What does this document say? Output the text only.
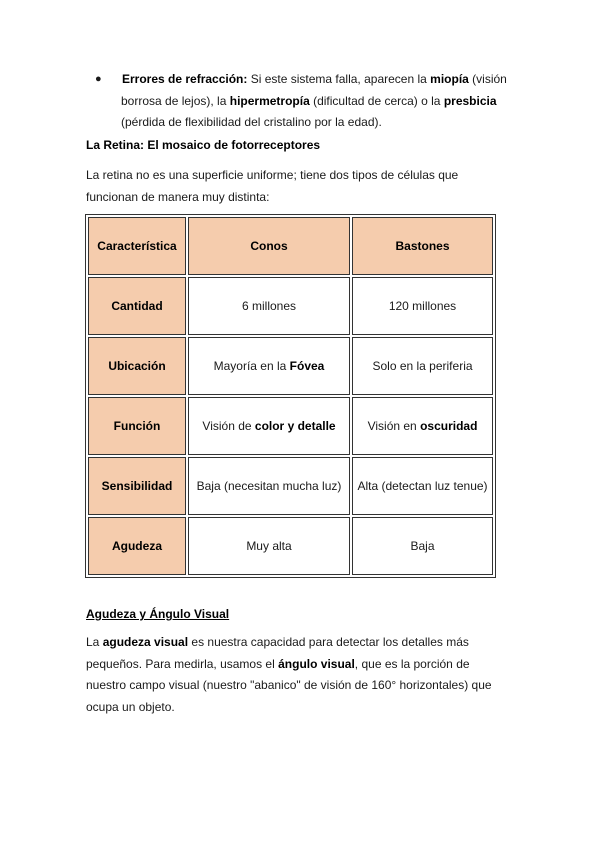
● Errores de refracción: Si este sistema falla, aparecen la miopía (visión
borrosa de lejos), la hipermetropía (dificultad de cerca) o la presbicia
(pérdida de flexibilidad del cristalino por la edad).
La Retina: El mosaico de fotorreceptores
La retina no es una superficie uniforme; tiene dos tipos de células que
funcionan de manera muy distinta:
Característica	Conos	Bastones
Cantidad	6 millones	120 millones
Ubicación	Mayoría en la Fóvea	Solo en la periferia
Función	Visión de color y detalle	Visión en oscuridad
Sensibilidad	Baja (necesitan mucha luz)	Alta (detectan luz tenue)
Agudeza	Muy alta	Baja
Agudeza y Ángulo Visual
La agudeza visual es nuestra capacidad para detectar los detalles más
pequeños. Para medirla, usamos el ángulo visual, que es la porción de
nuestro campo visual (nuestro "abanico" de visión de 160° horizontales) que
ocupa un objeto.
